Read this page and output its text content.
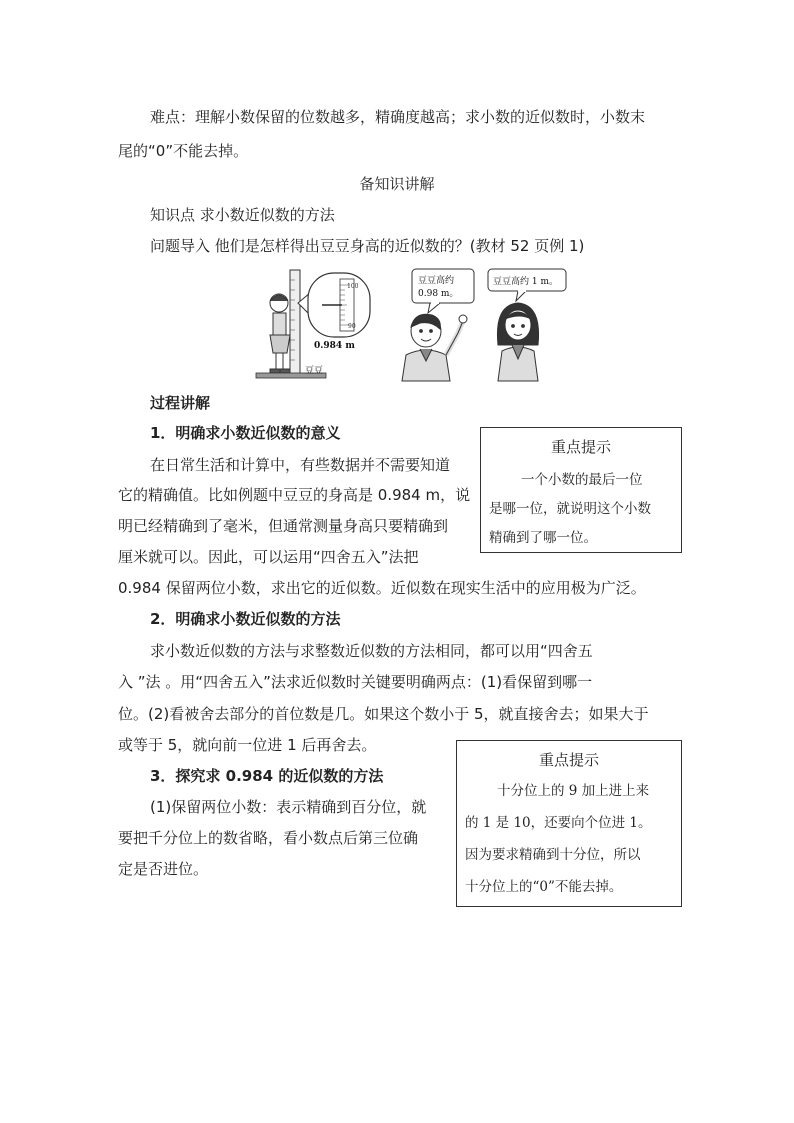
难点：理解小数保留的位数越多，精确度越高；求小数的近似数时，小数末
尾的“0”不能去掉。
备知识讲解
知识点 求小数近似数的方法
问题导入 他们是怎样得出豆豆身高的近似数的？(教材 52 页例 1)
100
90
0.984 m
豆豆
豆豆高约
0.98 m。
豆豆高约 1 m。
过程讲解
1．明确求小数近似数的意义
在日常生活和计算中，有些数据并不需要知道
它的精确值。比如例题中豆豆的身高是 0.984 m，说
明已经精确到了毫米，但通常测量身高只要精确到
厘米就可以。因此，可以运用“四舍五入”法把
0.984 保留两位小数，求出它的近似数。近似数在现实生活中的应用极为广泛。
重点提示
一个小数的最后一位
是哪一位，就说明这个小数
精确到了哪一位。
2．明确求小数近似数的方法
求小数近似数的方法与求整数近似数的方法相同，都可以用“四舍五
入 ”法 。用“四舍五入”法求近似数时关键要明确两点：(1)看保留到哪一
位。(2)看被舍去部分的首位数是几。如果这个数小于 5，就直接舍去；如果大于
或等于 5，就向前一位进 1 后再舍去。
3．探究求 0.984 的近似数的方法
(1)保留两位小数：表示精确到百分位，就
要把千分位上的数省略，看小数点后第三位确
定是否进位。
重点提示
十分位上的 9 加上进上来
的 1 是 10，还要向个位进 1。
因为要求精确到十分位，所以
十分位上的“0”不能去掉。
